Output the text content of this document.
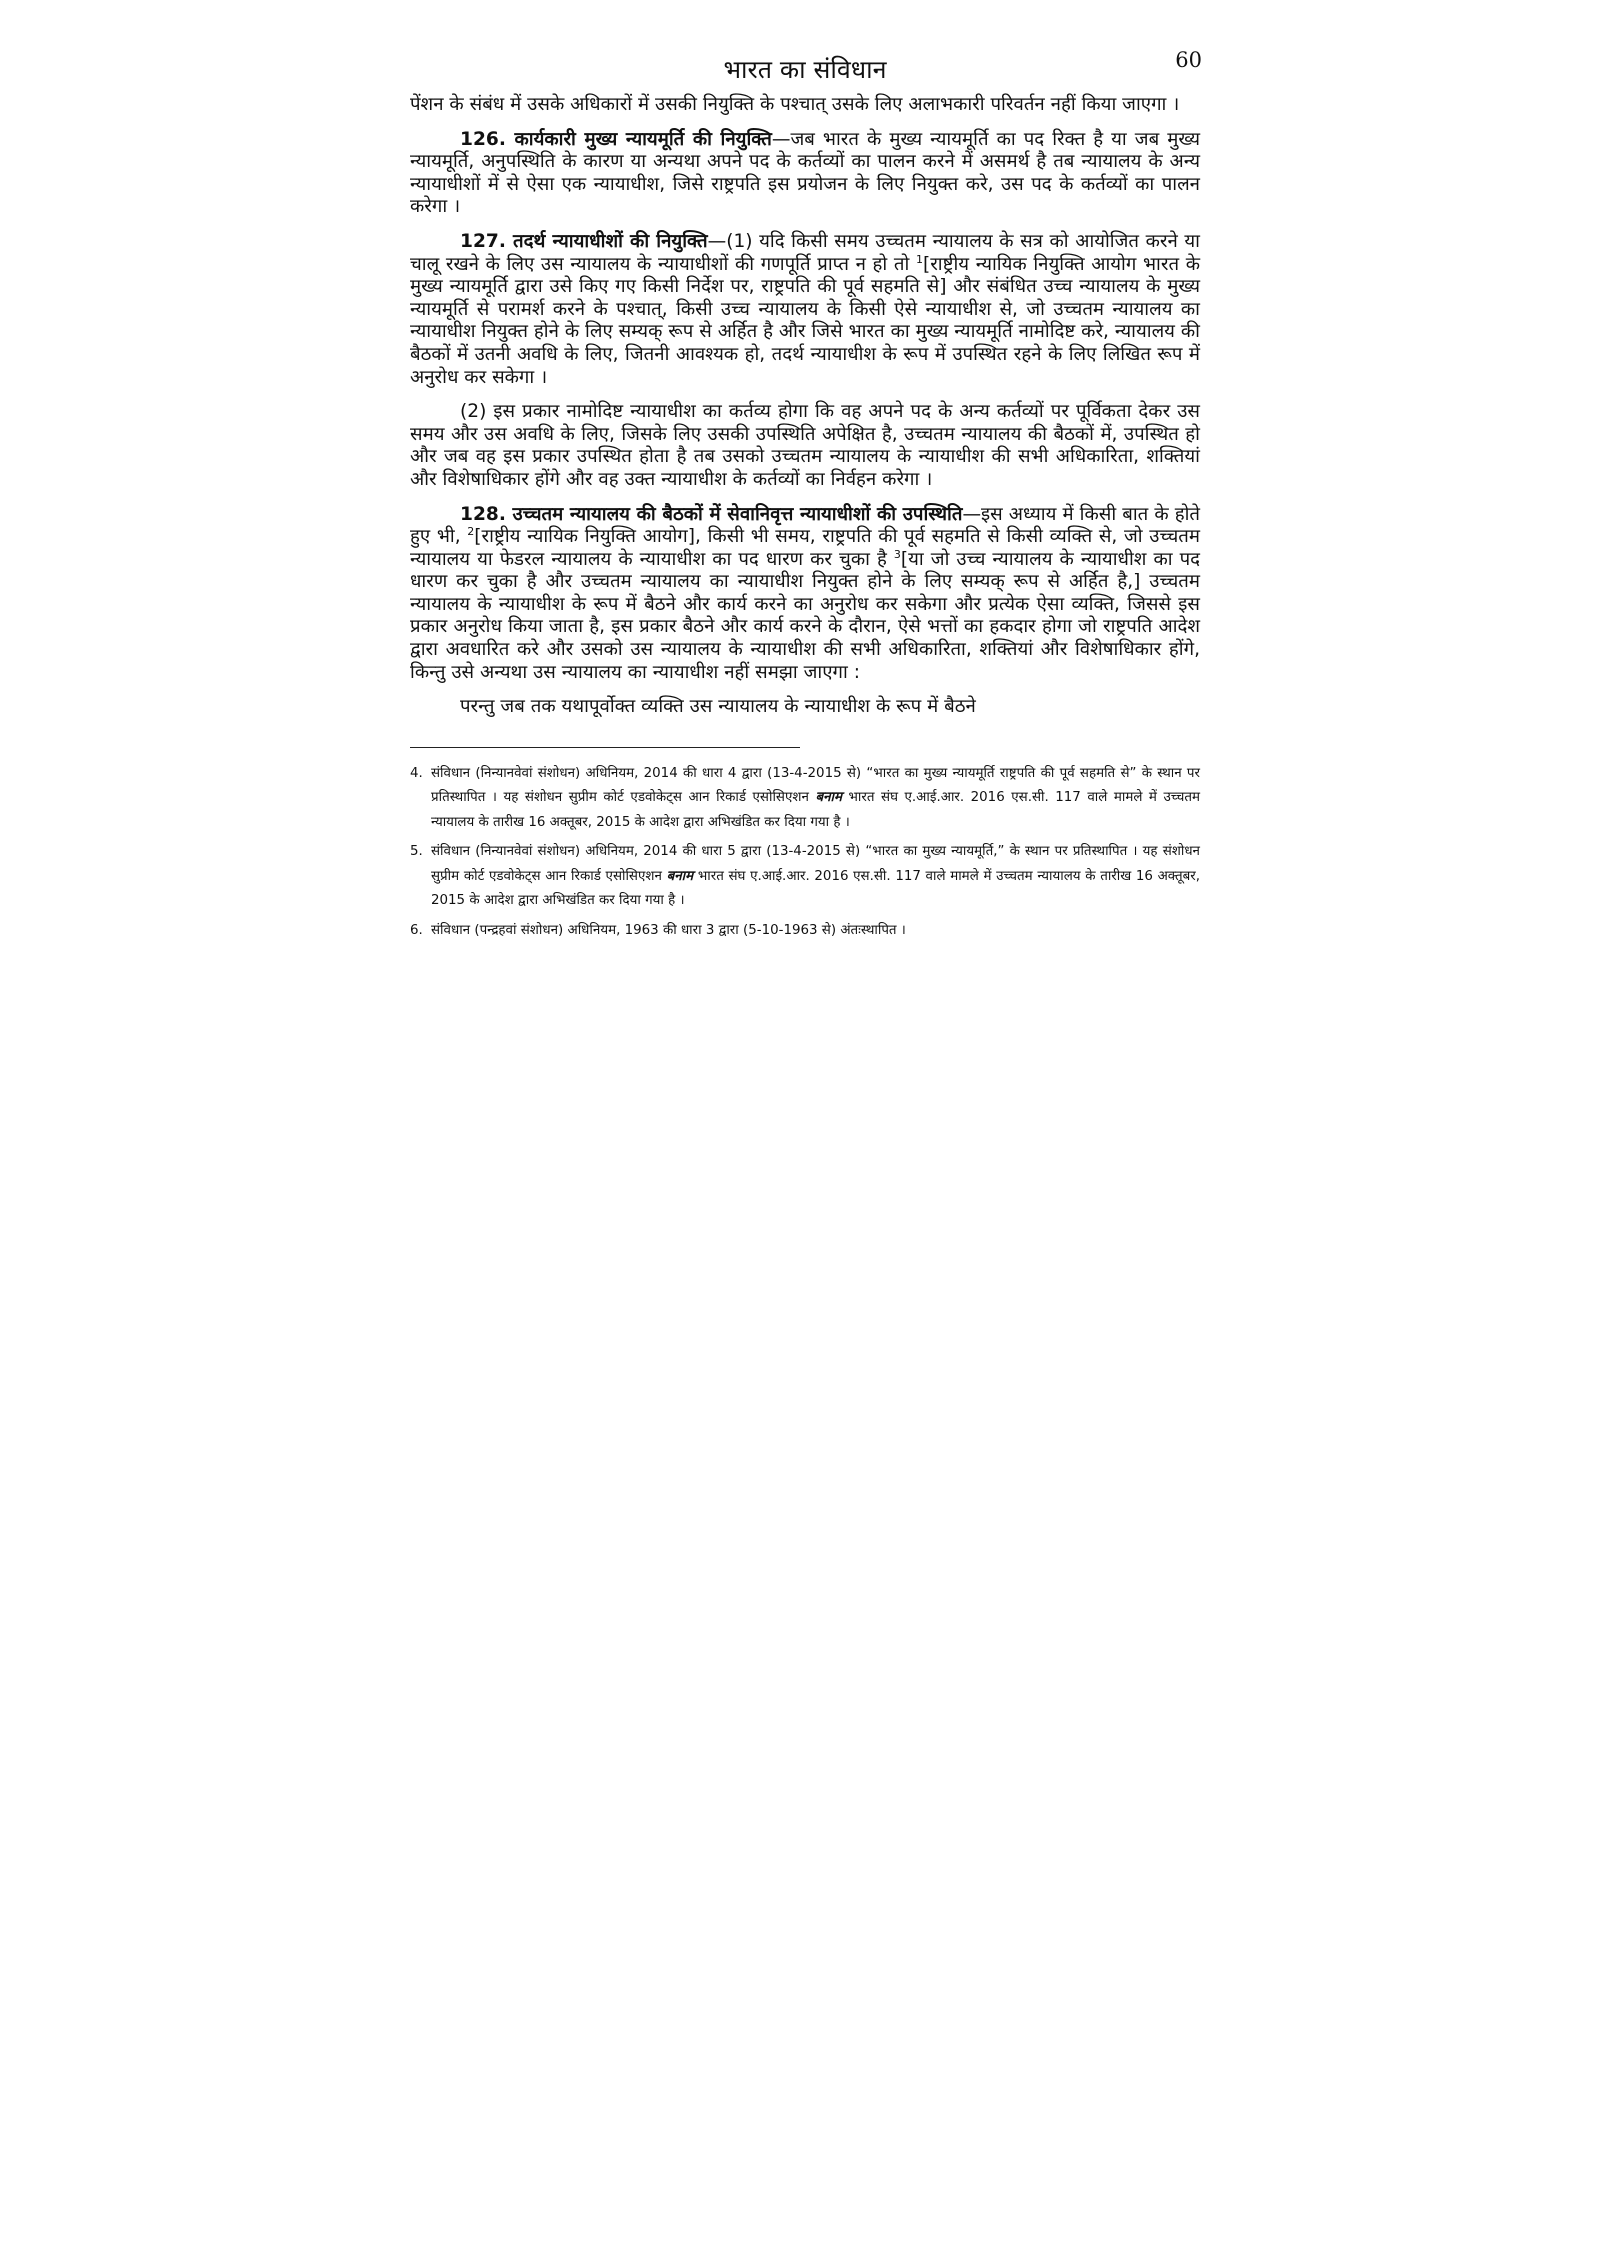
भारत का संविधान	60

पेंशन के संबंध में उसके अधिकारों में उसकी नियुक्ति के पश्चात् उसके लिए अलाभकारी परिवर्तन नहीं किया जाएगा ।

126. कार्यकारी मुख्य न्यायमूर्ति की नियुक्ति—जब भारत के मुख्य न्यायमूर्ति का पद रिक्त है या जब मुख्य न्यायमूर्ति, अनुपस्थिति के कारण या अन्यथा अपने पद के कर्तव्यों का पालन करने में असमर्थ है तब न्यायालय के अन्य न्यायाधीशों में से ऐसा एक न्यायाधीश, जिसे राष्ट्रपति इस प्रयोजन के लिए नियुक्त करे, उस पद के कर्तव्यों का पालन करेगा ।

127. तदर्थ न्यायाधीशों की नियुक्ति—(1) यदि किसी समय उच्चतम न्यायालय के सत्र को आयोजित करने या चालू रखने के लिए उस न्यायालय के न्यायाधीशों की गणपूर्ति प्राप्त न हो तो $^1$[राष्ट्रीय न्यायिक नियुक्ति आयोग भारत के मुख्य न्यायमूर्ति द्वारा उसे किए गए किसी निर्देश पर, राष्ट्रपति की पूर्व सहमति से] और संबंधित उच्च न्यायालय के मुख्य न्यायमूर्ति से परामर्श करने के पश्चात्, किसी उच्च न्यायालय के किसी ऐसे न्यायाधीश से, जो उच्चतम न्यायालय का न्यायाधीश नियुक्त होने के लिए सम्यक् रूप से अर्हित है और जिसे भारत का मुख्य न्यायमूर्ति नामोदिष्ट करे, न्यायालय की बैठकों में उतनी अवधि के लिए, जितनी आवश्यक हो, तदर्थ न्यायाधीश के रूप में उपस्थित रहने के लिए लिखित रूप में अनुरोध कर सकेगा ।

(2) इस प्रकार नामोदिष्ट न्यायाधीश का कर्तव्य होगा कि वह अपने पद के अन्य कर्तव्यों पर पूर्विकता देकर उस समय और उस अवधि के लिए, जिसके लिए उसकी उपस्थिति अपेक्षित है, उच्चतम न्यायालय की बैठकों में, उपस्थित हो और जब वह इस प्रकार उपस्थित होता है तब उसको उच्चतम न्यायालय के न्यायाधीश की सभी अधिकारिता, शक्तियां और विशेषाधिकार होंगे और वह उक्त न्यायाधीश के कर्तव्यों का निर्वहन करेगा ।

128. उच्चतम न्यायालय की बैठकों में सेवानिवृत्त न्यायाधीशों की उपस्थिति—इस अध्याय में किसी बात के होते हुए भी, $^2$[राष्ट्रीय न्यायिक नियुक्ति आयोग], किसी भी समय, राष्ट्रपति की पूर्व सहमति से किसी व्यक्ति से, जो उच्चतम न्यायालय या फेडरल न्यायालय के न्यायाधीश का पद धारण कर चुका है $^3$[या जो उच्च न्यायालय के न्यायाधीश का पद धारण कर चुका है और उच्चतम न्यायालय का न्यायाधीश नियुक्त होने के लिए सम्यक् रूप से अर्हित है,] उच्चतम न्यायालय के न्यायाधीश के रूप में बैठने और कार्य करने का अनुरोध कर सकेगा और प्रत्येक ऐसा व्यक्ति, जिससे इस प्रकार अनुरोध किया जाता है, इस प्रकार बैठने और कार्य करने के दौरान, ऐसे भत्तों का हकदार होगा जो राष्ट्रपति आदेश द्वारा अवधारित करे और उसको उस न्यायालय के न्यायाधीश की सभी अधिकारिता, शक्तियां और विशेषाधिकार होंगे, किन्तु उसे अन्यथा उस न्यायालय का न्यायाधीश नहीं समझा जाएगा :

परन्तु जब तक यथापूर्वोक्त व्यक्ति उस न्यायालय के न्यायाधीश के रूप में बैठने

4. संविधान (निन्यानवेवां संशोधन) अधिनियम, 2014 की धारा 4 द्वारा (13-4-2015 से) “भारत का मुख्य न्यायमूर्ति राष्ट्रपति की पूर्व सहमति से” के स्थान पर प्रतिस्थापित । यह संशोधन सुप्रीम कोर्ट एडवोकेट्स आन रिकार्ड एसोसिएशन बनाम भारत संघ ए.आई.आर. 2016 एस.सी. 117 वाले मामले में उच्चतम न्यायालय के तारीख 16 अक्तूबर, 2015 के आदेश द्वारा अभिखंडित कर दिया गया है ।

5. संविधान (निन्यानवेवां संशोधन) अधिनियम, 2014 की धारा 5 द्वारा (13-4-2015 से) “भारत का मुख्य न्यायमूर्ति,” के स्थान पर प्रतिस्थापित । यह संशोधन सुप्रीम कोर्ट एडवोकेट्स आन रिकार्ड एसोसिएशन बनाम भारत संघ ए.आई.आर. 2016 एस.सी. 117 वाले मामले में उच्चतम न्यायालय के तारीख 16 अक्तूबर, 2015 के आदेश द्वारा अभिखंडित कर दिया गया है ।

6. संविधान (पन्द्रहवां संशोधन) अधिनियम, 1963 की धारा 3 द्वारा (5-10-1963 से) अंतःस्थापित ।
